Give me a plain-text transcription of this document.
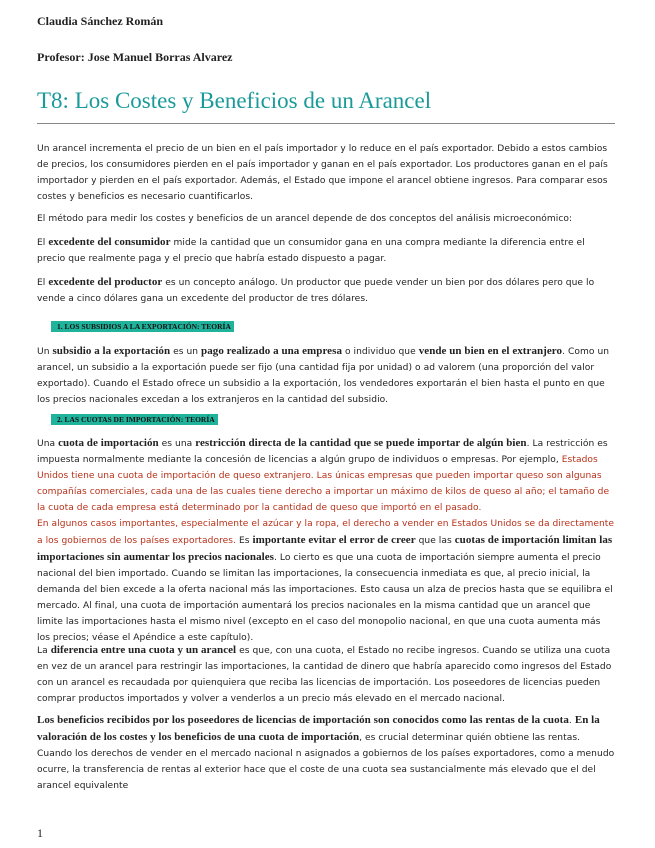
Claudia Sánchez Román
Profesor: Jose Manuel Borras Alvarez
T8: Los Costes y Beneficios de un Arancel
Un arancel incrementa el precio de un bien en el país importador y lo reduce en el país exportador. Debido a estos cambios de precios, los consumidores pierden en el país importador y ganan en el país exportador. Los productores ganan en el país importador y pierden en el país exportador. Además, el Estado que impone el arancel obtiene ingresos. Para comparar esos costes y beneficios es necesario cuantificarlos.
El método para medir los costes y beneficios de un arancel depende de dos conceptos del análisis microeconómico:
El excedente del consumidor mide la cantidad que un consumidor gana en una compra mediante la diferencia entre el precio que realmente paga y el precio que habría estado dispuesto a pagar.
El excedente del productor es un concepto análogo. Un productor que puede vender un bien por dos dólares pero que lo vende a cinco dólares gana un excedente del productor de tres dólares.
1. LOS SUBSIDIOS A LA EXPORTACIÓN: TEORÍA
Un subsidio a la exportación es un pago realizado a una empresa o individuo que vende un bien en el extranjero. Como un arancel, un subsidio a la exportación puede ser fijo (una cantidad fija por unidad) o ad valorem (una proporción del valor exportado). Cuando el Estado ofrece un subsidio a la exportación, los vendedores exportarán el bien hasta el punto en que los precios nacionales excedan a los extranjeros en la cantidad del subsidio.
2. LAS CUOTAS DE IMPORTACIÓN: TEORÍA
Una cuota de importación es una restricción directa de la cantidad que se puede importar de algún bien. La restricción es impuesta normalmente mediante la concesión de licencias a algún grupo de individuos o empresas. Por ejemplo, Estados Unidos tiene una cuota de importación de queso extranjero. Las únicas empresas que pueden importar queso son algunas compañías comerciales, cada una de las cuales tiene derecho a importar un máximo de kilos de queso al año; el tamaño de la cuota de cada empresa está determinado por la cantidad de queso que importó en el pasado.
En algunos casos importantes, especialmente el azúcar y la ropa, el derecho a vender en Estados Unidos se da directamente a los gobiernos de los países exportadores. Es importante evitar el error de creer que las cuotas de importación limitan las importaciones sin aumentar los precios nacionales. Lo cierto es que una cuota de importación siempre aumenta el precio nacional del bien importado. Cuando se limitan las importaciones, la consecuencia inmediata es que, al precio inicial, la demanda del bien excede a la oferta nacional más las importaciones. Esto causa un alza de precios hasta que se equilibra el mercado. Al final, una cuota de importación aumentará los precios nacionales en la misma cantidad que un arancel que limite las importaciones hasta el mismo nivel (excepto en el caso del monopolio nacional, en que una cuota aumenta más los precios; véase el Apéndice a este capítulo).
La diferencia entre una cuota y un arancel es que, con una cuota, el Estado no recibe ingresos. Cuando se utiliza una cuota en vez de un arancel para restringir las importaciones, la cantidad de dinero que habría aparecido como ingresos del Estado con un arancel es recaudada por quienquiera que reciba las licencias de importación. Los poseedores de licencias pueden comprar productos importados y volver a venderlos a un precio más elevado en el mercado nacional.
Los beneficios recibidos por los poseedores de licencias de importación son conocidos como las rentas de la cuota. En la valoración de los costes y los beneficios de una cuota de importación, es crucial determinar quién obtiene las rentas. Cuando los derechos de vender en el mercado nacional n asignados a gobiernos de los países exportadores, como a menudo ocurre, la transferencia de rentas al exterior hace que el coste de una cuota sea sustancialmente más elevado que el del arancel equivalente
1
